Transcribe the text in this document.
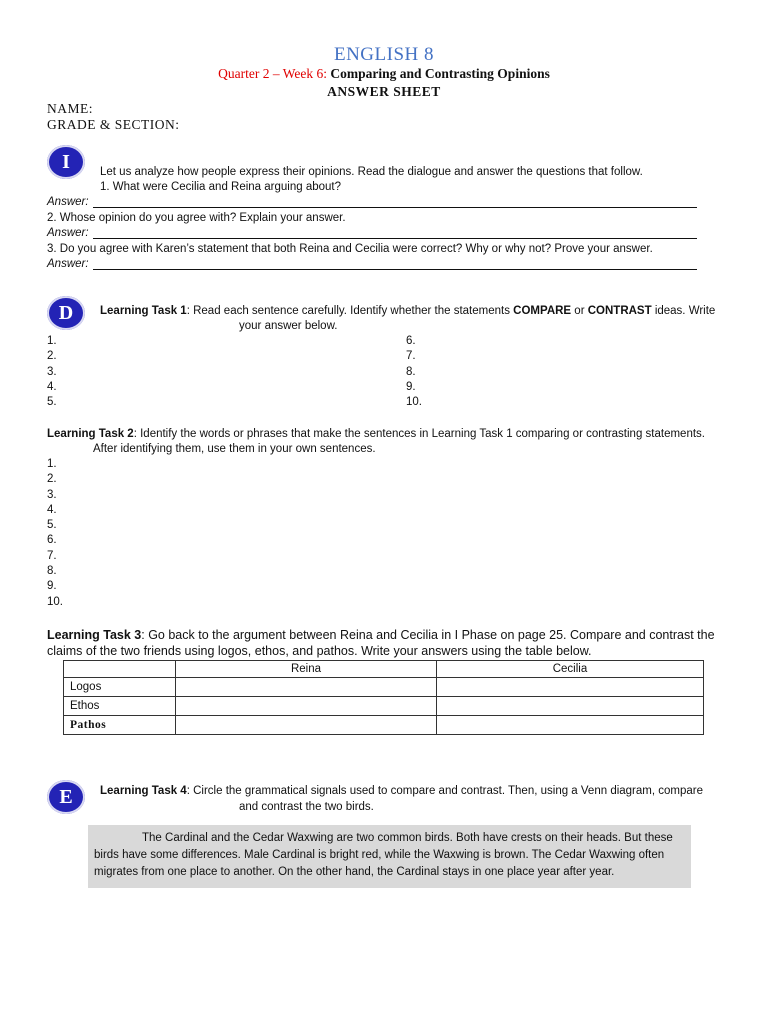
ENGLISH 8
Quarter 2 – Week 6: Comparing and Contrasting Opinions
ANSWER SHEET
NAME:
GRADE & SECTION:
I	Let us analyze how people express their opinions. Read the dialogue and answer the questions that follow.
1. What were Cecilia and Reina arguing about?
Answer:
2. Whose opinion do you agree with? Explain your answer.
Answer:
3. Do you agree with Karen’s statement that both Reina and Cecilia were correct? Why or why not? Prove your answer.
Answer:
D	Learning Task 1: Read each sentence carefully. Identify whether the statements COMPARE or CONTRAST ideas. Write
your answer below.
1.
2.
3.
4.
5.
6.
7.
8.
9.
10.
Learning Task 2: Identify the words or phrases that make the sentences in Learning Task 1 comparing or contrasting statements.
After identifying them, use them in your own sentences.
1.
2.
3.
4.
5.
6.
7.
8.
9.
10.
Learning Task 3: Go back to the argument between Reina and Cecilia in I Phase on page 25. Compare and contrast the
claims of the two friends using logos, ethos, and pathos. Write your answers using the table below.
	Reina	Cecilia
Logos		
Ethos		
Pathos		
E	Learning Task 4: Circle the grammatical signals used to compare and contrast. Then, using a Venn diagram, compare
and contrast the two birds.
The Cardinal and the Cedar Waxwing are two common birds. Both have crests on their heads. But these
birds have some differences. Male Cardinal is bright red, while the Waxwing is brown. The Cedar Waxwing often
migrates from one place to another. On the other hand, the Cardinal stays in one place year after year.
